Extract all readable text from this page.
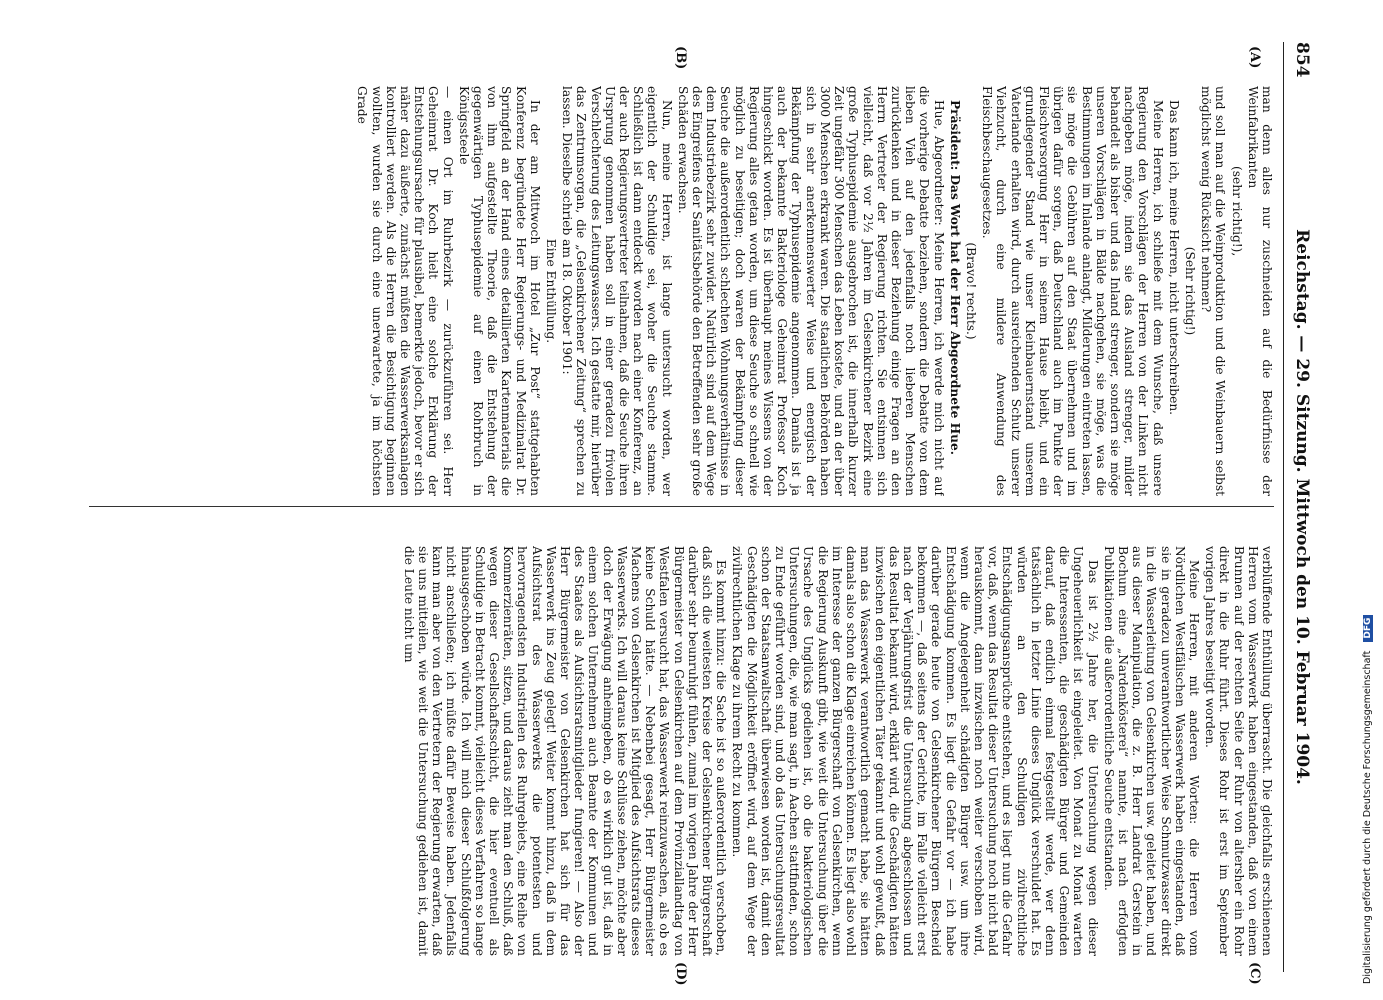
854
Reichstag. — 29. Sitzung. Mittwoch den 10. Februar 1904.
(A)
(B)
(C)
(D)

man denn alles nur zuschneiden auf die Bedürfnisse der Weinfabrikanten

(sehr richtig!),

und soll man auf die Weinproduktion und die Weinbauern selbst möglichst wenig Rücksicht nehmen?

(Sehr richtig!)

Das kann ich, meine Herren, nicht unterschreiben.

Meine Herren, ich schließe mit dem Wunsche, daß unsere Regierung den Vorschlägen der Herren von der Linken nicht nachgeben möge, indem sie das Ausland strenger, milder behandelt als bisher und das Inland strenger, sondern sie möge unseren Vorschlägen in Bälde nachgehen, sie möge, was die Bestimmungen im Inlande anlangt, Milderungen eintreten lassen, sie möge die Gebühren auf den Staat übernehmen und im übrigen dafür sorgen, daß Deutschland auch im Punkte der Fleischversorgung Herr in seinem Hause bleibt, und ein grundlegender Stand wie unser Kleinbauernstand unserem Vaterlande erhalten wird, durch ausreichenden Schutz unserer Viehzucht, durch eine mildere Anwendung des Fleischbeschaugesetzes.

(Bravo! rechts.)

Präsident: Das Wort hat der Herr Abgeordnete Hue.

Hue, Abgeordneter: Meine Herren, ich werde mich nicht auf die vorherige Debatte beziehen, sondern die Debatte von dem lieben Vieh auf den jedenfalls noch lieberen Menschen zurücklenken und in dieser Beziehung einige Fragen an den Herrn Vertreter der Regierung richten. Sie entsinnen sich vielleicht, daß vor 2½ Jahren im Gelsenkirchener Bezirk eine große Typhusepidemie ausgebrochen ist, die innerhalb kurzer Zeit ungefähr 300 Menschen das Leben kostete, und an der über 3000 Menschen erkrankt waren. Die staatlichen Behörden haben sich in sehr anerkennenswerter Weise und energisch der Bekämpfung der Typhusepidemie angenommen. Damals ist ja auch der bekannte Bakteriologe Geheimrat Professor Koch hingeschickt worden. Es ist überhaupt meines Wissens von der Regierung alles getan worden, um diese Seuche so schnell wie möglich zu beseitigen; doch waren der Bekämpfung dieser Seuche die außerordentlich schlechten Wohnungsverhältnisse in dem Industriebezirk sehr zuwider. Natürlich sind auf dem Wege des Eingreifens der Sanitätsbehörde den Betreffenden sehr große Schäden erwachsen.

Nun, meine Herren, ist lange untersucht worden, wer eigentlich der Schuldige sei, woher die Seuche stamme. Schließlich ist dann entdeckt worden nach einer Konferenz, an der auch Regierungsvertreter teilnahmen, daß die Seuche ihren Ursprung genommen haben soll in einer geradezu frivolen Verschlechterung des Leitungswassers. Ich gestatte mir, hierüber das Zentrumsorgan, die „Gelsenkirchener Zeitung“ sprechen zu lassen. Dieselbe schrieb am 18. Oktober 1901:

Eine Enthüllung.

In der am Mittwoch im Hotel „Zur Post“ stattgehabten Konferenz begründete Herr Regierungs- und Medizinalrat Dr. Springfeld an der Hand eines detaillierten Kartenmaterials die von ihm aufgestellte Theorie, daß die Entstehung der gegenwärtigen Typhusepidemie auf einen Rohrbruch in Königssteele

— einen Ort im Ruhrbezirk — zurückzuführen sei. Herr Geheimrat Dr. Koch hielt eine solche Erklärung der Entstehungsursache für plausibel, bemerkte jedoch, bevor er sich näher dazu äußerte, zunächst müßten die Wasserwerksanlagen kontrolliert werden. Als die Herren die Besichtigung beginnen wollten, wurden sie durch eine unerwartete, ja im höchsten Grade

verblüffende Enthüllung überrascht. Die gleichfalls erschienenen Herren vom Wasserwerk haben eingestanden, daß von einem Brunnen auf der rechten Seite der Ruhr von altersher ein Rohr direkt in die Ruhr führt. Dieses Rohr ist erst im September vorigen Jahres beseitigt worden.

Meine Herren, mit anderen Worten: die Herren vom Nördlichen Westfälischen Wasserwerk haben eingestanden, daß sie in geradezu unverantwortlicher Weise Schmutzwasser direkt in die Wasserleitung von Gelsenkirchen usw. geleitet haben, und aus dieser Manipulation, die z. B. Herr Landrat Gerstein in Bochum eine „Nardenkösterei“ nannte, ist nach erfolgten Publikationen die außerordentliche Seuche entstanden.

Das ist 2½ Jahre her, die Untersuchung wegen dieser Ungeheuerlichkeit ist eingeleitet. Von Monat zu Monat warten die Interessenten, die geschädigten Bürger und Gemeinden darauf, daß endlich einmal festgestellt werde, wer denn tatsächlich in letzter Linie dieses Unglück verschuldet hat. Es würden an den Schuldigen zivilrechtliche Entschädigungsansprüche entstehen, und es liegt nun die Gefahr vor, daß, wenn das Resultat dieser Untersuchung noch nicht bald herauskommt, dann inzwischen noch weiter verschoben wird, wenn die Angelegenheit schädigten Bürger usw. um ihre Entschädigung kommen. Es liegt die Gefahr vor — ich habe darüber gerade heute von Gelsenkirchener Bürgern Bescheid bekommen —, daß seitens der Gerichte, im Falle vielleicht erst nach der Verjährungsfrist die Untersuchung abgeschlossen und das Resultat bekannt wird, erklärt wird, die Geschädigten hätten inzwischen den eigentlichen Täter gekannt und wohl gewußt, daß man das Wasserwerk verantwortlich gemacht habe, sie hätten damals also schon die Klage einreichen können. Es liegt also wohl im Interesse der ganzen Bürgerschaft von Gelsenkirchen, wenn die Regierung Auskunft gibt, wie weit die Untersuchung über die Ursache des Unglücks gediehen ist, ob die bakteriologischen Untersuchungen, die, wie man sagt, in Aachen stattfinden, schon zu Ende geführt worden sind, und ob das Untersuchungsresultat schon der Staatsanwaltschaft überwiesen worden ist, damit den Geschädigten die Möglichkeit eröffnet wird, auf dem Wege der zivilrechtlichen Klage zu ihrem Recht zu kommen.

Es kommt hinzu: die Sache ist so außerordentlich verschoben, daß sich die weitesten Kreise der Gelsenkirchener Bürgerschaft darüber sehr beunruhigt fühlen, zumal im vorigen Jahre der Herr Bürgermeister von Gelsenkirchen auf dem Provinziallandtag von Westfalen versucht hat, das Wasserwerk reinzuwaschen, als ob es keine Schuld hätte. — Nebenbei gesagt, Herr Bürgermeister Machens von Gelsenkirchen ist Mitglied des Aufsichtsrats dieses Wasserwerks. Ich will daraus keine Schlüsse ziehen, möchte aber doch der Erwägung anheimgeben, ob es wirklich gut ist, daß in einem solchen Unternehmen auch Beamte der Kommunen und des Staates als Aufsichtsratsmitglieder fungieren! — Also der Herr Bürgermeister von Gelsenkirchen hat sich für das Wasserwerk ins Zeug gelegt! Weiter kommt hinzu, daß in dem Aufsichtsrat des Wasserwerks die potentesten und hervorragendsten Industriellen des Ruhrgebiets, eine Reihe von Kommerzienräten, sitzen, und daraus zieht man den Schluß, daß wegen dieser Gesellschaftsschicht, die hier eventuell als Schuldige in Betracht kommt, vielleicht dieses Verfahren so lange hinausgeschoben würde. Ich will mich dieser Schlußfolgerung nicht anschließen; ich müßte dafür Beweise haben. Jedenfalls kann man aber von den Vertretern der Regierung erwarten, daß sie uns mitteilen, wie weit die Untersuchung gediehen ist, damit die Leute nicht um

Digitalisierung gefördert durch die Deutsche Forschungsgemeinschaft DFG
